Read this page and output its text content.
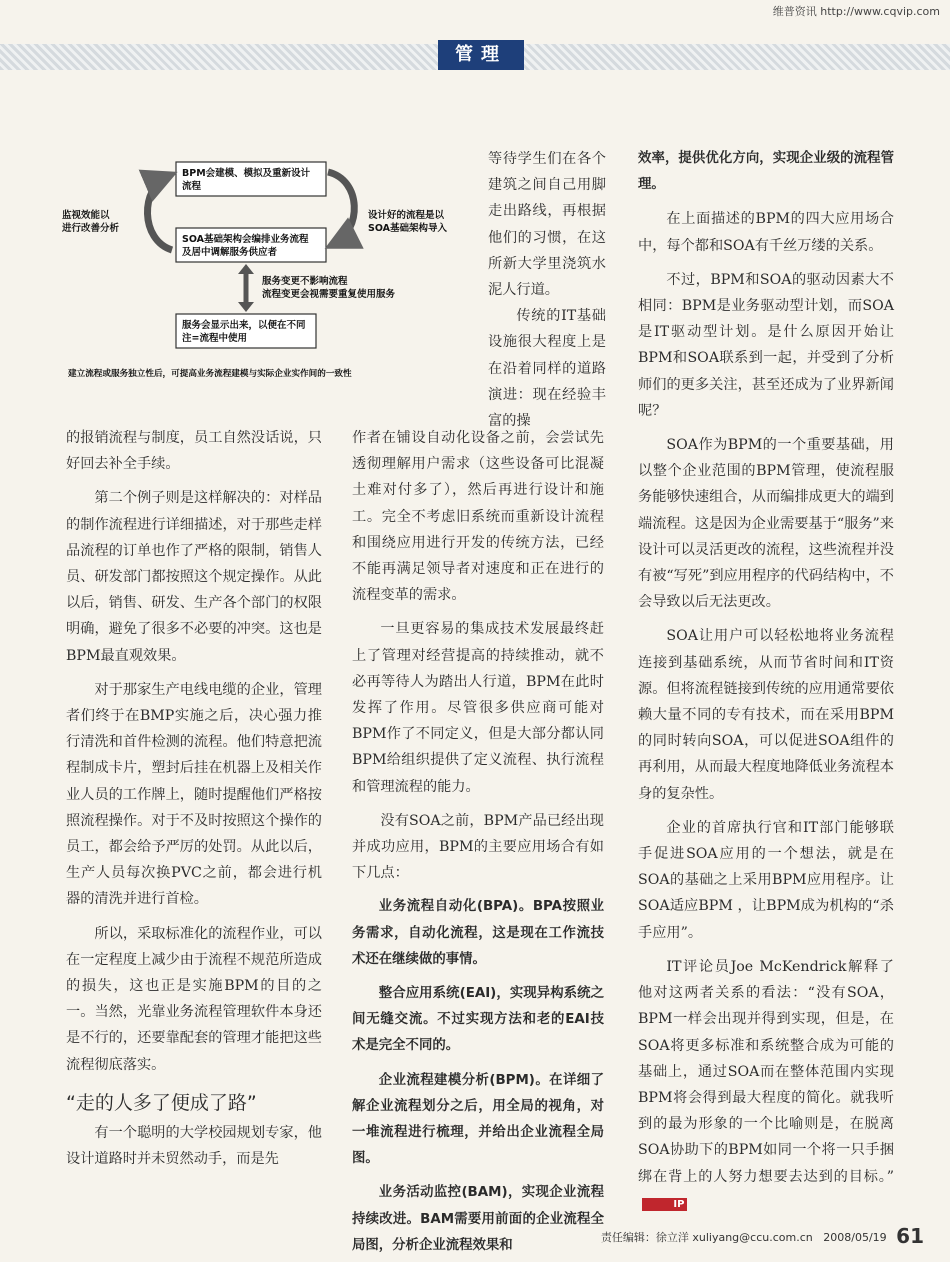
维普资讯 http://www.cqvip.com
管理
BPM会建模、模拟及重新设计
流程
SOA基础架构会编排业务流程
及居中调解服务供应者
服务会显示出来，以便在不同
注=流程中使用
监视效能以
进行改善分析
设计好的流程是以
SOA基础架构导入
服务变更不影响流程
流程变更会视需要重复使用服务
建立流程或服务独立性后，可提高业务流程建模与实际企业实作间的一致性

等待学生们在各个建筑之间自己用脚走出路线，再根据他们的习惯，在这所新大学里浇筑水泥人行道。

传统的IT基础设施很大程度上是在沿着同样的道路演进：现在经验丰富的操

的报销流程与制度，员工自然没话说，只好回去补全手续。

第二个例子则是这样解决的：对样品的制作流程进行详细描述，对于那些走样品流程的订单也作了严格的限制，销售人员、研发部门都按照这个规定操作。从此以后，销售、研发、生产各个部门的权限明确，避免了很多不必要的冲突。这也是BPM最直观效果。

对于那家生产电线电缆的企业，管理者们终于在BMP实施之后，决心强力推行清洗和首件检测的流程。他们特意把流程制成卡片，塑封后挂在机器上及相关作业人员的工作牌上，随时提醒他们严格按照流程操作。对于不及时按照这个操作的员工，都会给予严厉的处罚。从此以后，生产人员每次换PVC之前，都会进行机器的清洗并进行首检。

所以，采取标准化的流程作业，可以在一定程度上减少由于流程不规范所造成的损失，这也正是实施BPM的目的之一。当然，光靠业务流程管理软件本身还是不行的，还要靠配套的管理才能把这些流程彻底落实。

“走的人多了便成了路”

有一个聪明的大学校园规划专家，他设计道路时并未贸然动手，而是先

作者在铺设自动化设备之前，会尝试先透彻理解用户需求（这些设备可比混凝土难对付多了），然后再进行设计和施工。完全不考虑旧系统而重新设计流程和围绕应用进行开发的传统方法，已经不能再满足领导者对速度和正在进行的流程变革的需求。

一旦更容易的集成技术发展最终赶上了管理对经营提高的持续推动，就不必再等待人为踏出人行道，BPM在此时发挥了作用。尽管很多供应商可能对BPM作了不同定义，但是大部分都认同BPM给组织提供了定义流程、执行流程和管理流程的能力。

没有SOA之前，BPM产品已经出现并成功应用，BPM的主要应用场合有如下几点：

业务流程自动化(BPA)。BPA按照业务需求，自动化流程，这是现在工作流技术还在继续做的事情。

整合应用系统(EAI)，实现异构系统之间无缝交流。不过实现方法和老的EAI技术是完全不同的。

企业流程建模分析(BPM)。在详细了解企业流程划分之后，用全局的视角，对一堆流程进行梳理，并给出企业流程全局图。

业务活动监控(BAM)，实现企业流程持续改进。BAM需要用前面的企业流程全局图，分析企业流程效果和

效率，提供优化方向，实现企业级的流程管理。

在上面描述的BPM的四大应用场合中，每个都和SOA有千丝万缕的关系。

不过，BPM和SOA的驱动因素大不相同：BPM是业务驱动型计划，而SOA是IT驱动型计划。是什么原因开始让BPM和SOA联系到一起，并受到了分析师们的更多关注，甚至还成为了业界新闻呢？

SOA作为BPM的一个重要基础，用以整个企业范围的BPM管理，使流程服务能够快速组合，从而编排成更大的端到端流程。这是因为企业需要基于“服务”来设计可以灵活更改的流程，这些流程并没有被“写死”到应用程序的代码结构中，不会导致以后无法更改。

SOA让用户可以轻松地将业务流程连接到基础系统，从而节省时间和IT资源。但将流程链接到传统的应用通常要依赖大量不同的专有技术，而在采用BPM的同时转向SOA，可以促进SOA组件的再利用，从而最大程度地降低业务流程本身的复杂性。

企业的首席执行官和IT部门能够联手促进SOA应用的一个想法，就是在SOA的基础之上采用BPM应用程序。让SOA适应BPM ，让BPM成为机构的“杀手应用”。

IT评论员Joe McKendrick解释了他对这两者关系的看法：“没有SOA，BPM一样会出现并得到实现，但是，在SOA将更多标准和系统整合成为可能的基础上，通过SOA而在整体范围内实现BPM将会得到最大程度的简化。就我听到的最为形象的一个比喻则是，在脱离SOA协助下的BPM如同一个将一只手捆绑在背上的人努力想要去达到的目标。”IP

责任编辑：徐立洋 xuliyang@ccu.com.cn 2008/05/19 61
